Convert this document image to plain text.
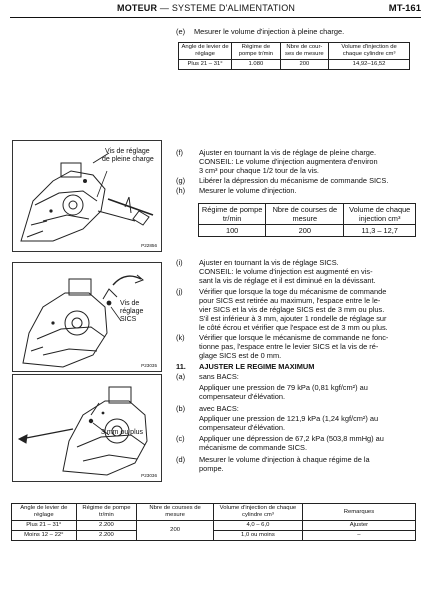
MOTEUR — SYSTEME D'ALIMENTATION	MT-161
(e) Mesurer le volume d'injection à pleine charge.
Angle de levier de réglage	Régime de pompe tr/min	Nbre de cour-ses de mesure	Volume d'injection de chaque cylindre cm³
Plus 21 – 31°	1.080	200	14,92–16,52
Vis de réglage
de pleine charge
P22856
(f) Ajuster en tournant la vis de réglage de pleine charge.
CONSEIL: Le volume d'injection augmentera d'environ
3 cm³ pour chaque 1/2 tour de la vis.
(g) Libérer la dépression du mécanisme de commande SICS.
(h) Mesurer le volume d'injection.
Régime de pompe tr/min	Nbre de courses de mesure	Volume de chaque injection cm³
100	200	11,3 – 12,7
Vis de
réglage
SICS
P23035
(i) Ajuster en tournant la vis de réglage SICS.
CONSEIL: le volume d'injection est augmenté en vis-
sant la vis de réglage et il est diminué en la dévissant.
(j) Vérifier que lorsque la toge du mécanisme de commande
pour SICS est retirée au maximum, l'espace entre le le-
vier SICS et la vis de réglage SICS est de 3 mm ou plus.
S'il est inférieur à 3 mm, ajouter 1 rondelle de réglage sur
le côté écrou et vérifier que l'espace est de 3 mm ou plus.
(k) Vérifier que lorsque le mécanisme de commande ne fonc-
tionne pas, l'espace entre le levier SICS et la vis de ré-
glage SICS est de 0 mm.
11. AJUSTER LE REGIME MAXIMUM
(a) sans BACS:
Appliquer une pression de 79 kPa (0,81 kgf/cm²) au
compensateur d'élévation.
(b) avec BACS:
Appliquer une pression de 121,9 kPa (1,24 kgf/cm²) au
compensateur d'élévation.
(c) Appliquer une dépression de 67,2 kPa (503,8 mmHg) au
mécanisme de commande SICS.
(d) Mesurer le volume d'injection à chaque régime de la
pompe.
3 mm ou plus
P23036
Angle de levier de réglage	Régime de pompe tr/min	Nbre de courses de mesure	Volume d'injection de chaque cylindre cm³	Remarques
Plus 21 – 31°	2.200	200	4,0 – 6,0	Ajuster
Moins 12 – 22°	2.200		1,0 ou moins	–
